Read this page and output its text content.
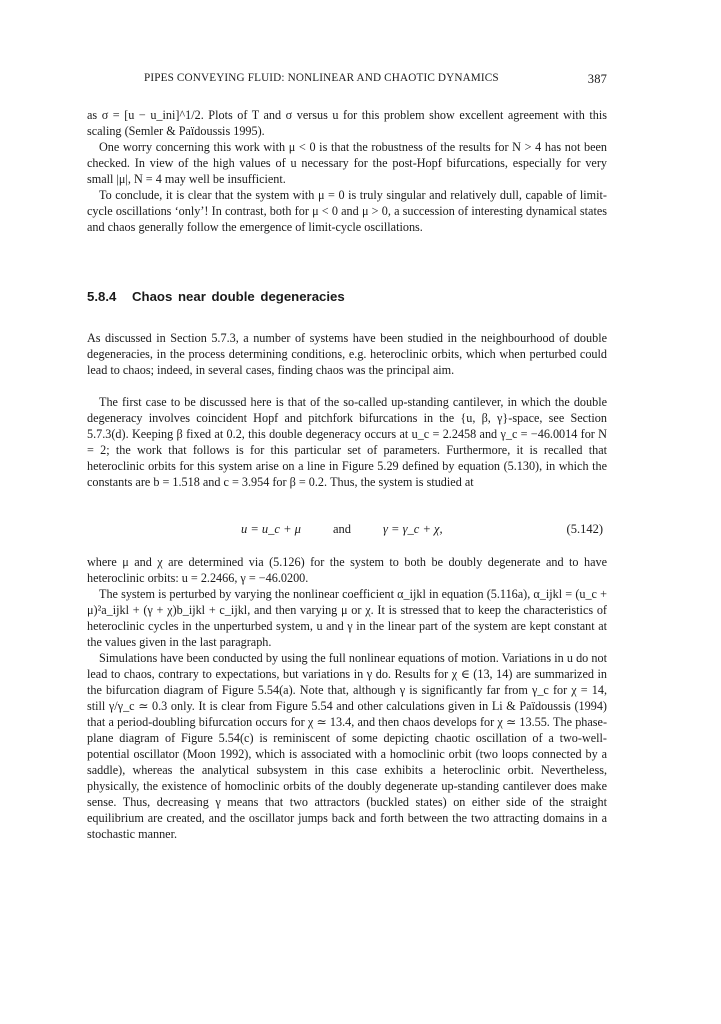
PIPES CONVEYING FLUID: NONLINEAR AND CHAOTIC DYNAMICS	387

as σ = [u − u_ini]^1/2. Plots of T and σ versus u for this problem show excellent agreement with this scaling (Semler & Païdoussis 1995).

One worry concerning this work with μ < 0 is that the robustness of the results for N > 4 has not been checked. In view of the high values of u necessary for the post-Hopf bifurcations, especially for very small |μ|, N = 4 may well be insufficient.

To conclude, it is clear that the system with μ = 0 is truly singular and relatively dull, capable of limit-cycle oscillations ‘only’! In contrast, both for μ < 0 and μ > 0, a succession of interesting dynamical states and chaos generally follow the emergence of limit-cycle oscillations.

5.8.4 Chaos near double degeneracies

As discussed in Section 5.7.3, a number of systems have been studied in the neighbourhood of double degeneracies, in the process determining conditions, e.g. heteroclinic orbits, which when perturbed could lead to chaos; indeed, in several cases, finding chaos was the principal aim.

The first case to be discussed here is that of the so-called up-standing cantilever, in which the double degeneracy involves coincident Hopf and pitchfork bifurcations in the {u, β, γ}-space, see Section 5.7.3(d). Keeping β fixed at 0.2, this double degeneracy occurs at u_c = 2.2458 and γ_c = −46.0014 for N = 2; the work that follows is for this particular set of parameters. Furthermore, it is recalled that heteroclinic orbits for this system arise on a line in Figure 5.29 defined by equation (5.130), in which the constants are b = 1.518 and c = 3.954 for β = 0.2. Thus, the system is studied at

u = u_c + μ	and	γ = γ_c + χ,	(5.142)

where μ and χ are determined via (5.126) for the system to both be doubly degenerate and to have heteroclinic orbits: u = 2.2466, γ = −46.0200.

The system is perturbed by varying the nonlinear coefficient α_ijkl in equation (5.116a), α_ijkl = (u_c + μ)²a_ijkl + (γ + χ)b_ijkl + c_ijkl, and then varying μ or χ. It is stressed that to keep the characteristics of heteroclinic cycles in the unperturbed system, u and γ in the linear part of the system are kept constant at the values given in the last paragraph.

Simulations have been conducted by using the full nonlinear equations of motion. Variations in u do not lead to chaos, contrary to expectations, but variations in γ do. Results for χ ∈ (13, 14) are summarized in the bifurcation diagram of Figure 5.54(a). Note that, although γ is significantly far from γ_c for χ = 14, still γ/γ_c ≃ 0.3 only. It is clear from Figure 5.54 and other calculations given in Li & Païdoussis (1994) that a period-doubling bifurcation occurs for χ ≃ 13.4, and then chaos develops for χ ≃ 13.55. The phase-plane diagram of Figure 5.54(c) is reminiscent of some depicting chaotic oscillation of a two-well-potential oscillator (Moon 1992), which is associated with a homoclinic orbit (two loops connected by a saddle), whereas the analytical subsystem in this case exhibits a heteroclinic orbit. Nevertheless, physically, the existence of homoclinic orbits of the doubly degenerate up-standing cantilever does make sense. Thus, decreasing γ means that two attractors (buckled states) on either side of the straight equilibrium are created, and the oscillator jumps back and forth between the two attracting domains in a stochastic manner.
